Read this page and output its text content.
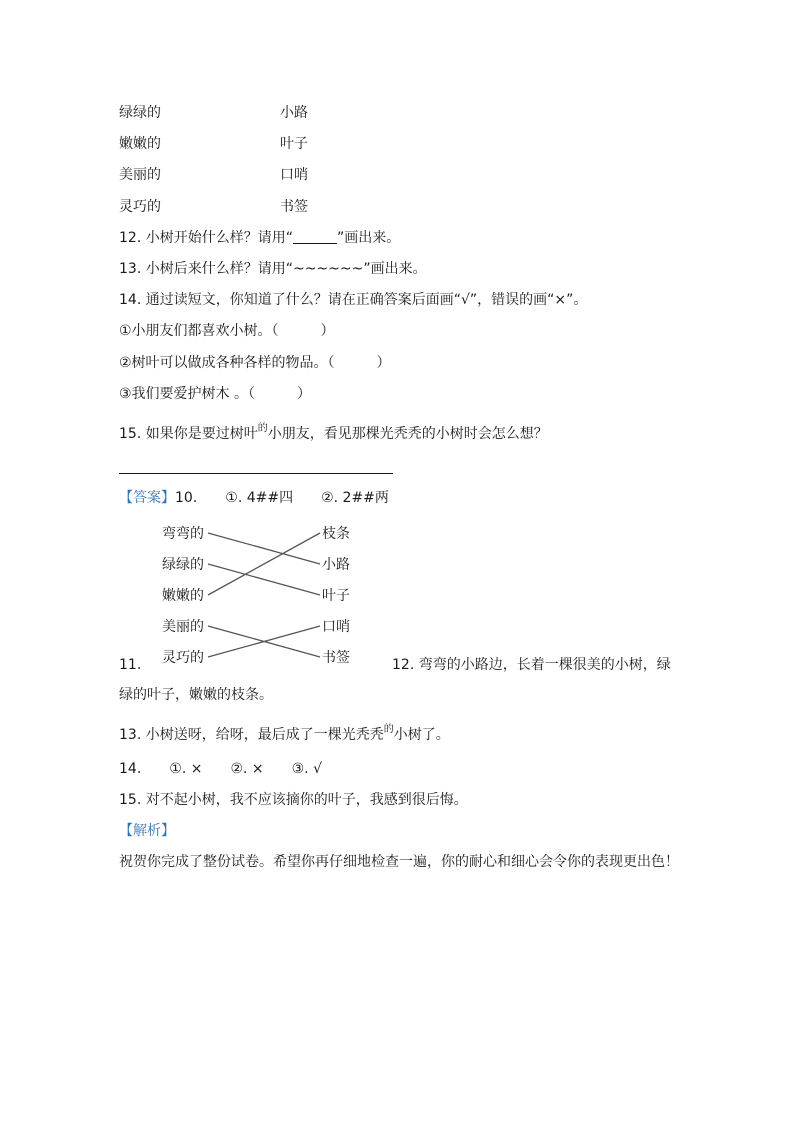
绿绿的	小路
嫩嫩的	叶子
美丽的	口哨
灵巧的	书签
12. 小树开始什么样？请用“	”画出来。
13. 小树后来什么样？请用“~~~~~~”画出来。
14. 通过读短文，你知道了什么？请在正确答案后面画“√”，错误的画“×”。
①小朋友们都喜欢小树。（　　　）
②树叶可以做成各种各样的物品。（　　　）
③我们要爱护树木 。（　　　）
15. 如果你是要过树叶$^的$小朋友，看见那棵光秃秃的小树时会怎么想？
【答案】10.　　①. 4##四　　②. 2##两
弯弯的
绿绿的
嫩嫩的
美丽的
灵巧的
枝条
小路
叶子
口哨
书签
11.	12. 弯弯的小路边，长着一棵很美的小树，绿
绿的叶子，嫩嫩的枝条。
13. 小树送呀，给呀，最后成了一棵光秃秃$^的$小树了。
14.　　①. ×　　②. ×　　③. √
15. 对不起小树，我不应该摘你的叶子，我感到很后悔。
【解析】
祝贺你完成了整份试卷。希望你再仔细地检查一遍，你的耐心和细心会令你的表现更出色！
